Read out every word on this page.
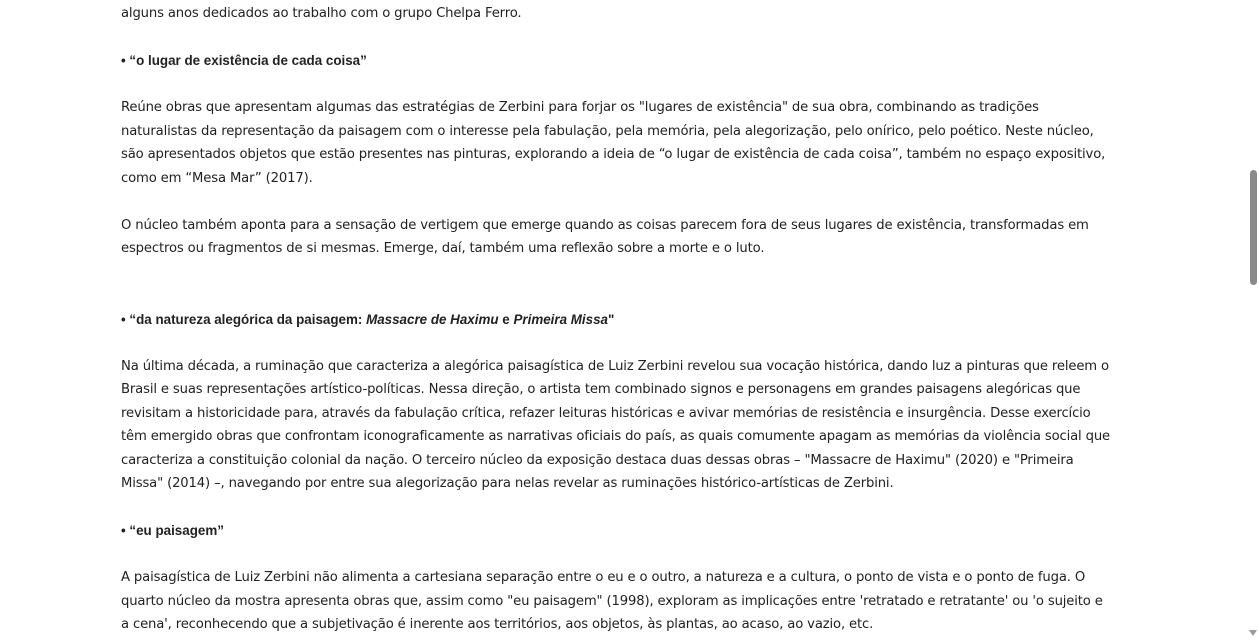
alguns anos dedicados ao trabalho com o grupo Chelpa Ferro.

• “o lugar de existência de cada coisa”

Reúne obras que apresentam algumas das estratégias de Zerbini para forjar os "lugares de existência" de sua obra, combinando as tradições naturalistas da representação da paisagem com o interesse pela fabulação, pela memória, pela alegorização, pelo onírico, pelo poético. Neste núcleo, são apresentados objetos que estão presentes nas pinturas, explorando a ideia de “o lugar de existência de cada coisa”, também no espaço expositivo, como em “Mesa Mar” (2017).

O núcleo também aponta para a sensação de vertigem que emerge quando as coisas parecem fora de seus lugares de existência, transformadas em espectros ou fragmentos de si mesmas. Emerge, daí, também uma reflexão sobre a morte e o luto.

• “da natureza alegórica da paisagem: Massacre de Haximu e Primeira Missa"

Na última década, a ruminação que caracteriza a alegórica paisagística de Luiz Zerbini revelou sua vocação histórica, dando luz a pinturas que releem o Brasil e suas representações artístico-políticas. Nessa direção, o artista tem combinado signos e personagens em grandes paisagens alegóricas que revisitam a historicidade para, através da fabulação crítica, refazer leituras históricas e avivar memórias de resistência e insurgência. Desse exercício têm emergido obras que confrontam iconograficamente as narrativas oficiais do país, as quais comumente apagam as memórias da violência social que caracteriza a constituição colonial da nação. O terceiro núcleo da exposição destaca duas dessas obras – "Massacre de Haximu" (2020) e "Primeira Missa" (2014) –, navegando por entre sua alegorização para nelas revelar as ruminações histórico-artísticas de Zerbini.

• “eu paisagem”

A paisagística de Luiz Zerbini não alimenta a cartesiana separação entre o eu e o outro, a natureza e a cultura, o ponto de vista e o ponto de fuga. O quarto núcleo da mostra apresenta obras que, assim como "eu paisagem" (1998), exploram as implicações entre 'retratado e retratante' ou 'o sujeito e a cena', reconhecendo que a subjetivação é inerente aos territórios, aos objetos, às plantas, ao acaso, ao vazio, etc.
